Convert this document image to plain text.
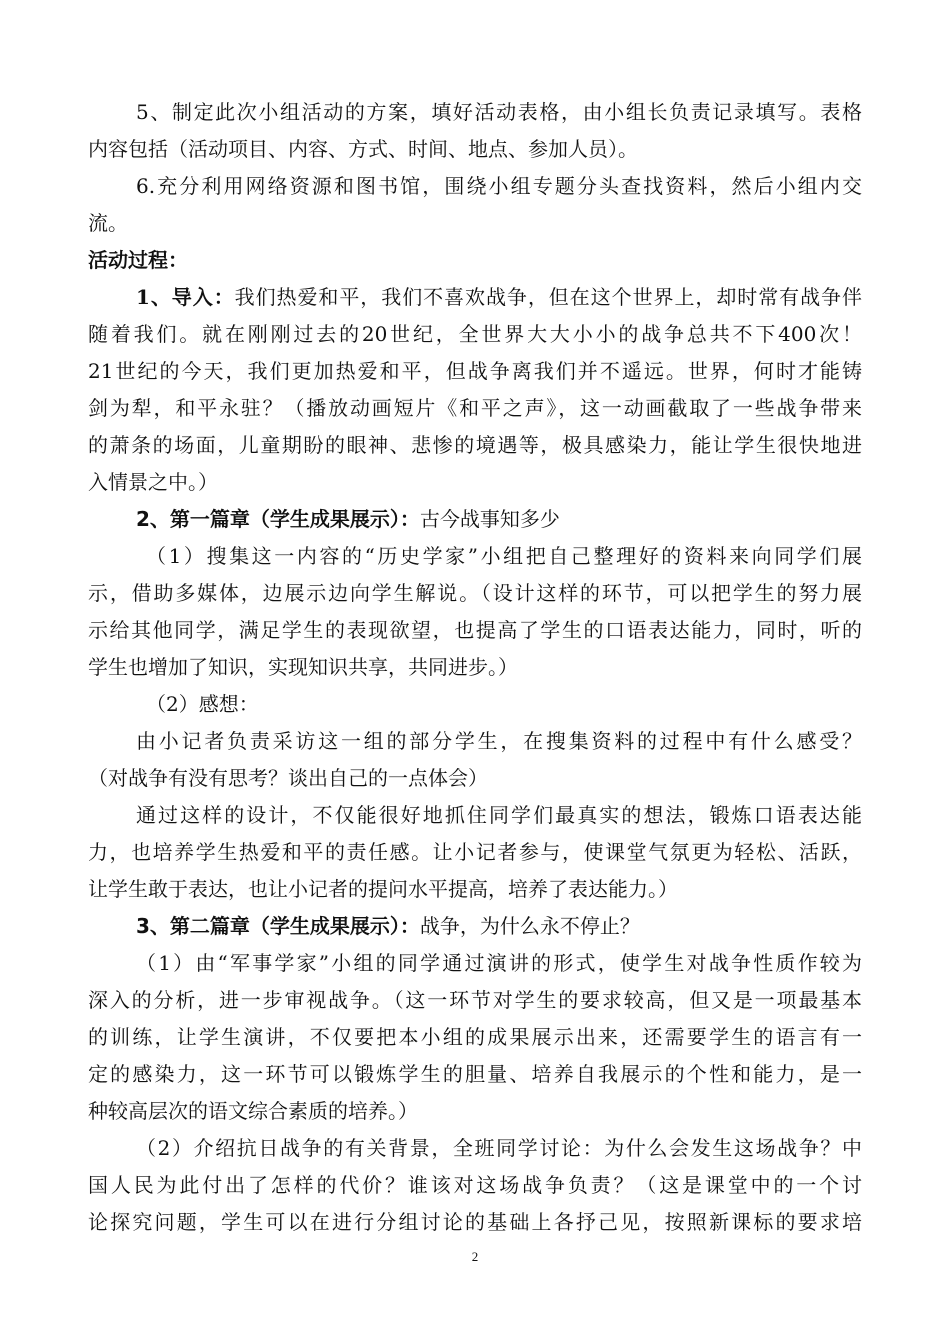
5、制定此次小组活动的方案，填好活动表格，由小组长负责记录填写。表格
内容包括（活动项目、内容、方式、时间、地点、参加人员）。
6.充分利用网络资源和图书馆，围绕小组专题分头查找资料，然后小组内交
流。
活动过程：
1、导入：我们热爱和平，我们不喜欢战争，但在这个世界上，却时常有战争伴
随着我们。就在刚刚过去的20世纪，全世界大大小小的战争总共不下400次！
21世纪的今天，我们更加热爱和平，但战争离我们并不遥远。世界，何时才能铸
剑为犁，和平永驻？（播放动画短片《和平之声》，这一动画截取了一些战争带来
的萧条的场面，儿童期盼的眼神、悲惨的境遇等，极具感染力，能让学生很快地进
入情景之中。）
2、第一篇章（学生成果展示）：古今战事知多少
（1）搜集这一内容的“历史学家”小组把自己整理好的资料来向同学们展
示，借助多媒体，边展示边向学生解说。（设计这样的环节，可以把学生的努力展
示给其他同学，满足学生的表现欲望，也提高了学生的口语表达能力，同时，听的
学生也增加了知识，实现知识共享，共同进步。）
（2）感想：
由小记者负责采访这一组的部分学生，在搜集资料的过程中有什么感受？
（对战争有没有思考？谈出自己的一点体会）
通过这样的设计，不仅能很好地抓住同学们最真实的想法，锻炼口语表达能
力，也培养学生热爱和平的责任感。让小记者参与，使课堂气氛更为轻松、活跃，
让学生敢于表达，也让小记者的提问水平提高，培养了表达能力。）
3、第二篇章（学生成果展示）：战争，为什么永不停止？
（1）由“军事学家”小组的同学通过演讲的形式，使学生对战争性质作较为
深入的分析，进一步审视战争。（这一环节对学生的要求较高，但又是一项最基本
的训练，让学生演讲，不仅要把本小组的成果展示出来，还需要学生的语言有一
定的感染力，这一环节可以锻炼学生的胆量、培养自我展示的个性和能力，是一
种较高层次的语文综合素质的培养。）
（2）介绍抗日战争的有关背景，全班同学讨论：为什么会发生这场战争？中
国人民为此付出了怎样的代价？谁该对这场战争负责？（这是课堂中的一个讨
论探究问题，学生可以在进行分组讨论的基础上各抒己见，按照新课标的要求培
2
